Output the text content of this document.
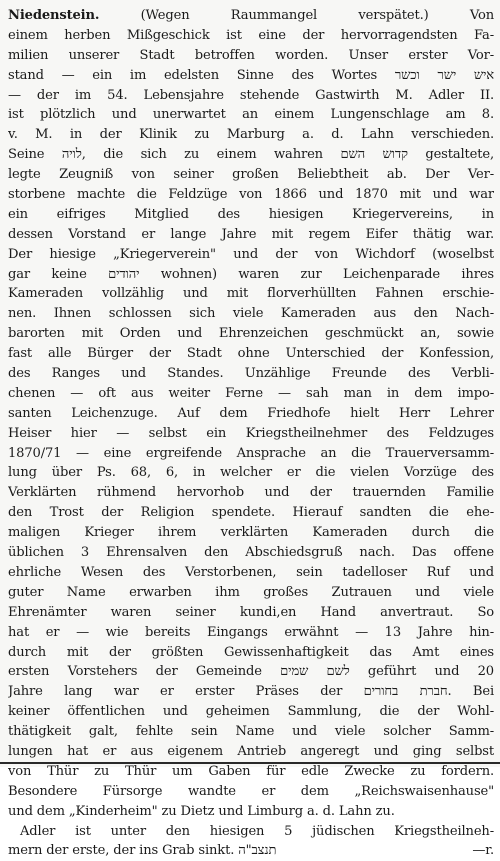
Niedenstein.	(Wegen Raummangel verspätet.) Von
einem herben Mißgeschick ist eine der hervorragendsten Fa-
milien unserer Stadt betroffen worden. Unser erster Vor-
stand — ein im edelsten Sinne des Wortes איש ישר וכשר
— der im 54. Lebensjahre stehende Gastwirth M. Adler II.
ist plötzlich und unerwartet an einem Lungenschlage am 8.
v. M. in der Klinik zu Marburg a. d. Lahn verschieden.
Seine לויה, die sich zu einem wahren קדוש השם gestaltete,
legte Zeugniß von seiner großen Beliebtheit ab. Der Ver-
storbene machte die Feldzüge von 1866 und 1870 mit und war
ein eifriges Mitglied des hiesigen Kriegervereins, in
dessen Vorstand er lange Jahre mit regem Eifer thätig war.
Der hiesige „Kriegerverein" und der von Wichdorf (woselbst
gar keine יהודים wohnen) waren zur Leichenparade ihres
Kameraden vollzählig und mit florverhüllten Fahnen erschie-
nen. Ihnen schlossen sich viele Kameraden aus den Nach-
barorten mit Orden und Ehrenzeichen geschmückt an, sowie
fast alle Bürger der Stadt ohne Unterschied der Konfession,
des Ranges und Standes. Unzählige Freunde des Verbli-
chenen — oft aus weiter Ferne — sah man in dem impo-
santen Leichenzuge. Auf dem Friedhofe hielt Herr Lehrer
Heiser hier — selbst ein Kriegstheilnehmer des Feldzuges
1870/71 — eine ergreifende Ansprache an die Trauerversamm-
lung über Ps. 68, 6, in welcher er die vielen Vorzüge des
Verklärten rühmend hervorhob und der trauernden Familie
den Trost der Religion spendete. Hierauf sandten die ehe-
maligen Krieger ihrem verklärten Kameraden durch die
üblichen 3 Ehrensalven den Abschiedsgruß nach. Das offene
ehrliche Wesen des Verstorbenen, sein tadelloser Ruf und
guter Name erwarben ihm großes Zutrauen und viele
Ehrenämter waren seiner kundi,en Hand anvertraut. So
hat er — wie bereits Eingangs erwähnt — 13 Jahre hin-
durch mit der größten Gewissenhaftigkeit das Amt eines
ersten Vorstehers der Gemeinde לשם שמים geführt und 20
Jahre lang war er erster Präses der חברת בחורים. Bei
keiner öffentlichen und geheimen Sammlung, die der Wohl-
thätigkeit galt, fehlte sein Name und viele solcher Samm-
lungen hat er aus eigenem Antrieb angeregt und ging selbst
von Thür zu Thür um Gaben für edle Zwecke zu fordern.
Besondere Fürsorge wandte er dem „Reichswaisenhause"
und dem „Kinderheim" zu Dietz und Limburg a. d. Lahn zu.
Adler ist unter den hiesigen 5 jüdischen Kriegstheilneh-
mern der erste, der ins Grab sinkt. תנצב"ה	—r.
